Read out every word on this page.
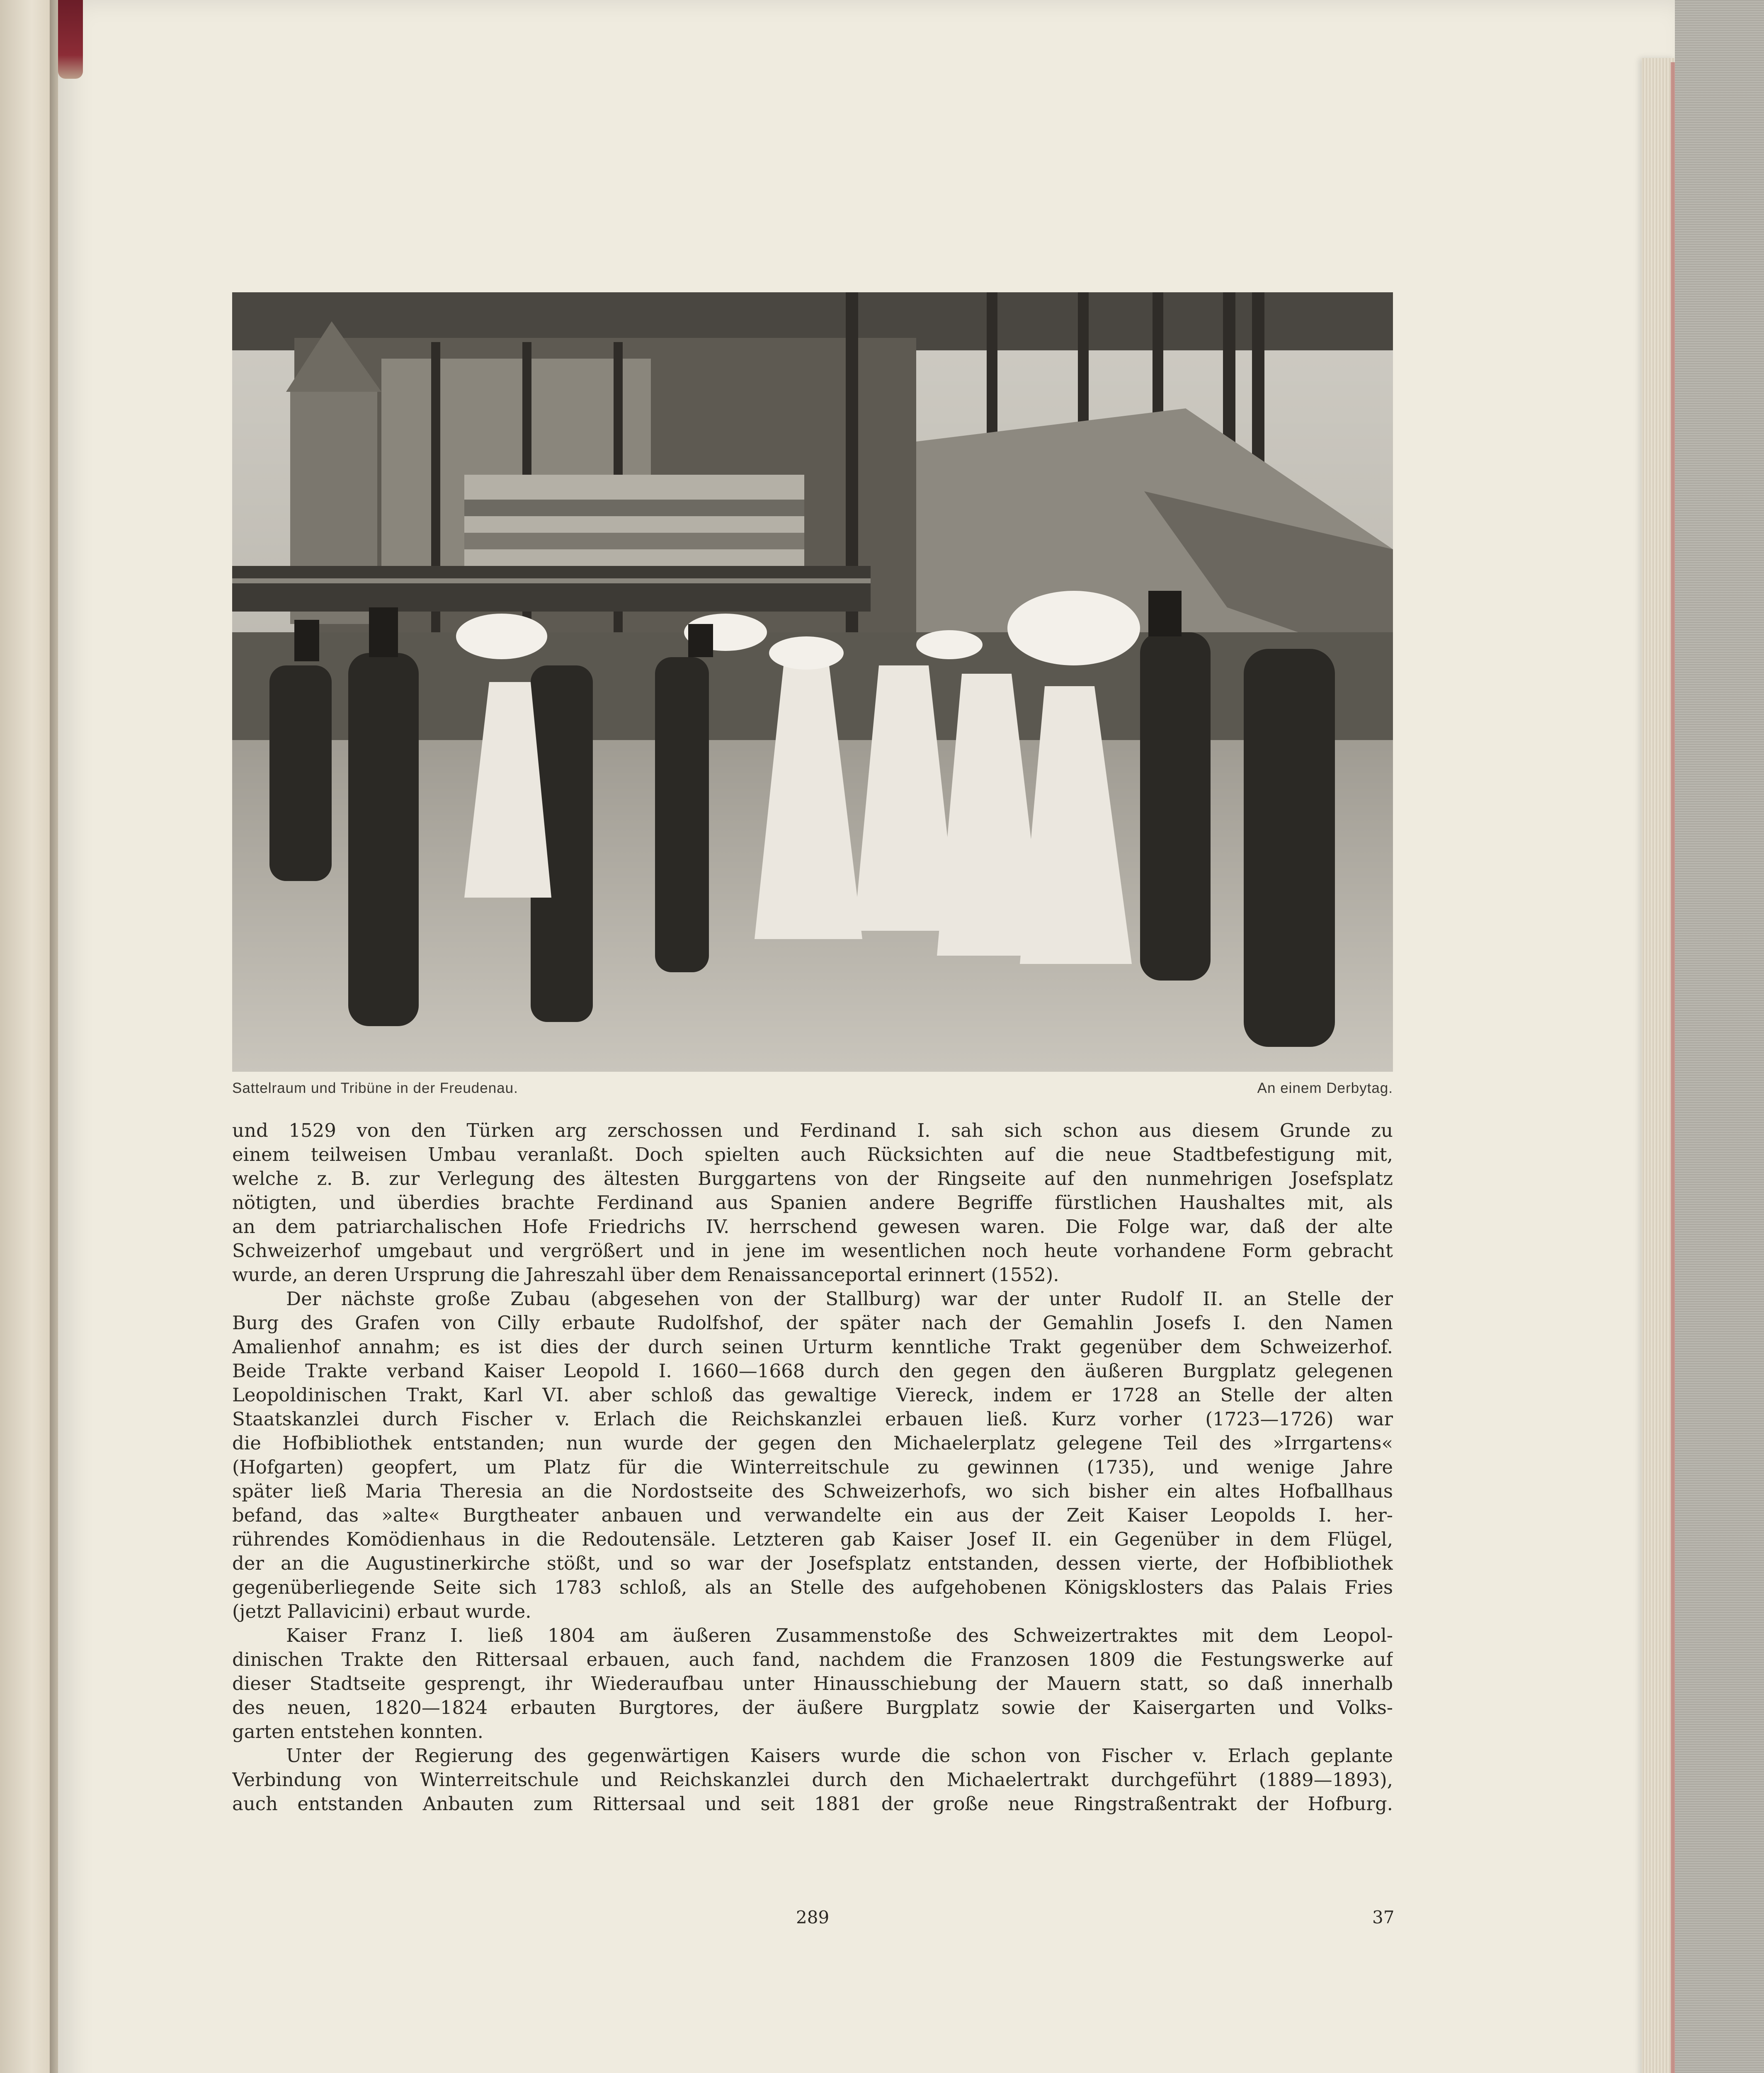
Sattelraum und Tribüne in der Freudenau.	An einem Derbytag.
und 1529 von den Türken arg zerschossen und Ferdinand I. sah sich schon aus diesem Grunde zu
einem teilweisen Umbau veranlaßt. Doch spielten auch Rücksichten auf die neue Stadtbefestigung mit,
welche z. B. zur Verlegung des ältesten Burggartens von der Ringseite auf den nunmehrigen Josefsplatz
nötigten, und überdies brachte Ferdinand aus Spanien andere Begriffe fürstlichen Haushaltes mit, als
an dem patriarchalischen Hofe Friedrichs IV. herrschend gewesen waren. Die Folge war, daß der alte
Schweizerhof umgebaut und vergrößert und in jene im wesentlichen noch heute vorhandene Form gebracht
wurde, an deren Ursprung die Jahreszahl über dem Renaissanceportal erinnert (1552).
Der nächste große Zubau (abgesehen von der Stallburg) war der unter Rudolf II. an Stelle der
Burg des Grafen von Cilly erbaute Rudolfshof, der später nach der Gemahlin Josefs I. den Namen
Amalienhof annahm; es ist dies der durch seinen Urturm kenntliche Trakt gegenüber dem Schweizerhof.
Beide Trakte verband Kaiser Leopold I. 1660—1668 durch den gegen den äußeren Burgplatz gelegenen
Leopoldinischen Trakt, Karl VI. aber schloß das gewaltige Viereck, indem er 1728 an Stelle der alten
Staatskanzlei durch Fischer v. Erlach die Reichskanzlei erbauen ließ. Kurz vorher (1723—1726) war
die Hofbibliothek entstanden; nun wurde der gegen den Michaelerplatz gelegene Teil des »Irrgartens«
(Hofgarten) geopfert, um Platz für die Winterreitschule zu gewinnen (1735), und wenige Jahre
später ließ Maria Theresia an die Nordostseite des Schweizerhofs, wo sich bisher ein altes Hofballhaus
befand, das »alte« Burgtheater anbauen und verwandelte ein aus der Zeit Kaiser Leopolds I. her-
rührendes Komödienhaus in die Redoutensäle. Letzteren gab Kaiser Josef II. ein Gegenüber in dem Flügel,
der an die Augustinerkirche stößt, und so war der Josefsplatz entstanden, dessen vierte, der Hofbibliothek
gegenüberliegende Seite sich 1783 schloß, als an Stelle des aufgehobenen Königsklosters das Palais Fries
(jetzt Pallavicini) erbaut wurde.
Kaiser Franz I. ließ 1804 am äußeren Zusammenstoße des Schweizertraktes mit dem Leopol-
dinischen Trakte den Rittersaal erbauen, auch fand, nachdem die Franzosen 1809 die Festungswerke auf
dieser Stadtseite gesprengt, ihr Wiederaufbau unter Hinausschiebung der Mauern statt, so daß innerhalb
des neuen, 1820—1824 erbauten Burgtores, der äußere Burgplatz sowie der Kaisergarten und Volks-
garten entstehen konnten.
Unter der Regierung des gegenwärtigen Kaisers wurde die schon von Fischer v. Erlach geplante
Verbindung von Winterreitschule und Reichskanzlei durch den Michaelertrakt durchgeführt (1889—1893),
auch entstanden Anbauten zum Rittersaal und seit 1881 der große neue Ringstraßentrakt der Hofburg.
289	37
